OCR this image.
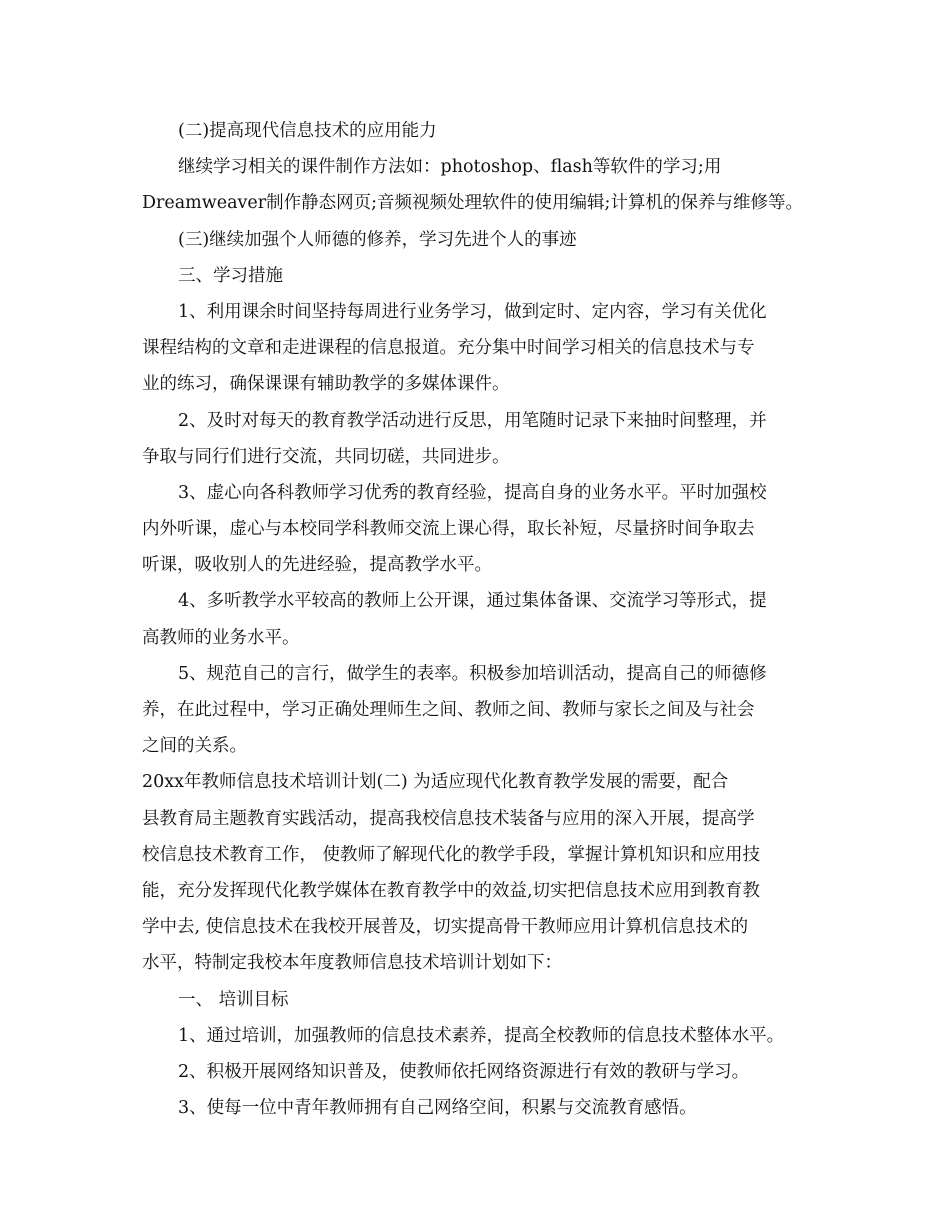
(二)提高现代信息技术的应用能力
继续学习相关的课件制作方法如：photoshop、flash等软件的学习;用
Dreamweaver制作静态网页;音频视频处理软件的使用编辑;计算机的保养与维修等。
(三)继续加强个人师德的修养，学习先进个人的事迹
三、学习措施
1、利用课余时间坚持每周进行业务学习，做到定时、定内容，学习有关优化
课程结构的文章和走进课程的信息报道。充分集中时间学习相关的信息技术与专
业的练习，确保课课有辅助教学的多媒体课件。
2、及时对每天的教育教学活动进行反思，用笔随时记录下来抽时间整理，并
争取与同行们进行交流，共同切磋，共同进步。
3、虚心向各科教师学习优秀的教育经验，提高自身的业务水平。平时加强校
内外听课，虚心与本校同学科教师交流上课心得，取长补短，尽量挤时间争取去
听课，吸收别人的先进经验，提高教学水平。
4、多听教学水平较高的教师上公开课，通过集体备课、交流学习等形式，提
高教师的业务水平。
5、规范自己的言行，做学生的表率。积极参加培训活动，提高自己的师德修
养，在此过程中，学习正确处理师生之间、教师之间、教师与家长之间及与社会
之间的关系。
20xx年教师信息技术培训计划(二) 为适应现代化教育教学发展的需要，配合
县教育局主题教育实践活动，提高我校信息技术装备与应用的深入开展，提高学
校信息技术教育工作， 使教师了解现代化的教学手段，掌握计算机知识和应用技
能，充分发挥现代化教学媒体在教育教学中的效益,切实把信息技术应用到教育教
学中去, 使信息技术在我校开展普及，切实提高骨干教师应用计算机信息技术的
水平，特制定我校本年度教师信息技术培训计划如下：
一、 培训目标
1、通过培训，加强教师的信息技术素养，提高全校教师的信息技术整体水平。
2、积极开展网络知识普及，使教师依托网络资源进行有效的教研与学习。
3、使每一位中青年教师拥有自己网络空间，积累与交流教育感悟。
